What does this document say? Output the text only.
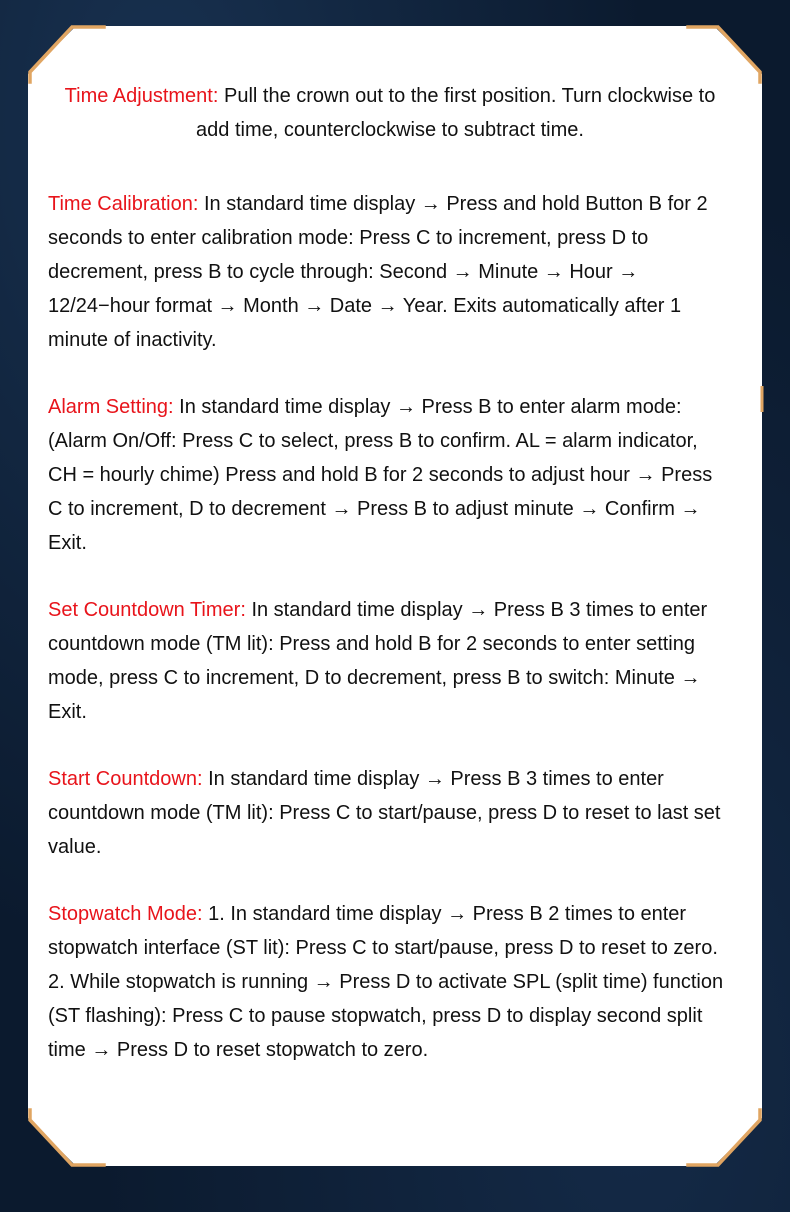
Time Adjustment: Pull the crown out to the first position. Turn clockwise to add time, counterclockwise to subtract time.

Time Calibration: In standard time display → Press and hold Button B for 2 seconds to enter calibration mode: Press C to increment, press D to decrement, press B to cycle through: Second → Minute → Hour → 12/24−hour format → Month → Date → Year. Exits automatically after 1 minute of inactivity.

Alarm Setting: In standard time display → Press B to enter alarm mode: (Alarm On/Off: Press C to select, press B to confirm. AL = alarm indicator, CH = hourly chime) Press and hold B for 2 seconds to adjust hour → Press C to increment, D to decrement → Press B to adjust minute → Confirm → Exit.

Set Countdown Timer: In standard time display → Press B 3 times to enter countdown mode (TM lit): Press and hold B for 2 seconds to enter setting mode, press C to increment, D to decrement, press B to switch: Minute → Exit.

Start Countdown: In standard time display → Press B 3 times to enter countdown mode (TM lit): Press C to start/pause, press D to reset to last set value.

Stopwatch Mode: 1. In standard time display → Press B 2 times to enter stopwatch interface (ST lit): Press C to start/pause, press D to reset to zero. 2. While stopwatch is running → Press D to activate SPL (split time) function (ST flashing): Press C to pause stopwatch, press D to display second split time → Press D to reset stopwatch to zero.
